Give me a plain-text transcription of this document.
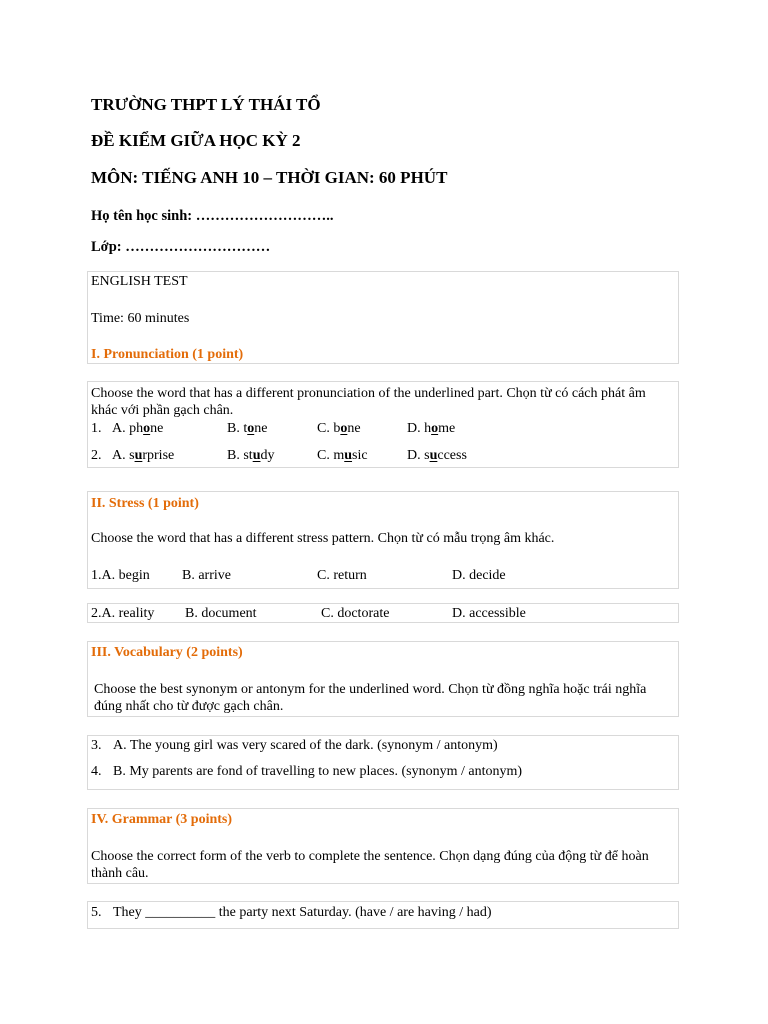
TRƯỜNG THPT LÝ THÁI TỔ
ĐỀ KIỂM GIỮA HỌC KỲ 2
MÔN: TIẾNG ANH 10 – THỜI GIAN: 60 PHÚT
Họ tên học sinh: ………………………..
Lớp: …………………………
ENGLISH TEST
Time: 60 minutes
I. Pronunciation (1 point)
Choose the word that has a different pronunciation of the underlined part. Chọn từ có cách phát âm khác với phần gạch chân.
1. A. phone	B. tone	C. bone	D. home
2. A. surprise	B. study	C. music	D. success
II. Stress (1 point)
Choose the word that has a different stress pattern. Chọn từ có mẫu trọng âm khác.
1.A. begin B. arrive	C. return	D. decide
2.A. reality B. document	C. doctorate	D. accessible
III. Vocabulary (2 points)
Choose the best synonym or antonym for the underlined word. Chọn từ đồng nghĩa hoặc trái nghĩa đúng nhất cho từ được gạch chân.
3. A. The young girl was very scared of the dark. (synonym / antonym)
4. B. My parents are fond of travelling to new places. (synonym / antonym)
IV. Grammar (3 points)
Choose the correct form of the verb to complete the sentence. Chọn dạng đúng của động từ để hoàn thành câu.
5. They __________ the party next Saturday. (have / are having / had)
